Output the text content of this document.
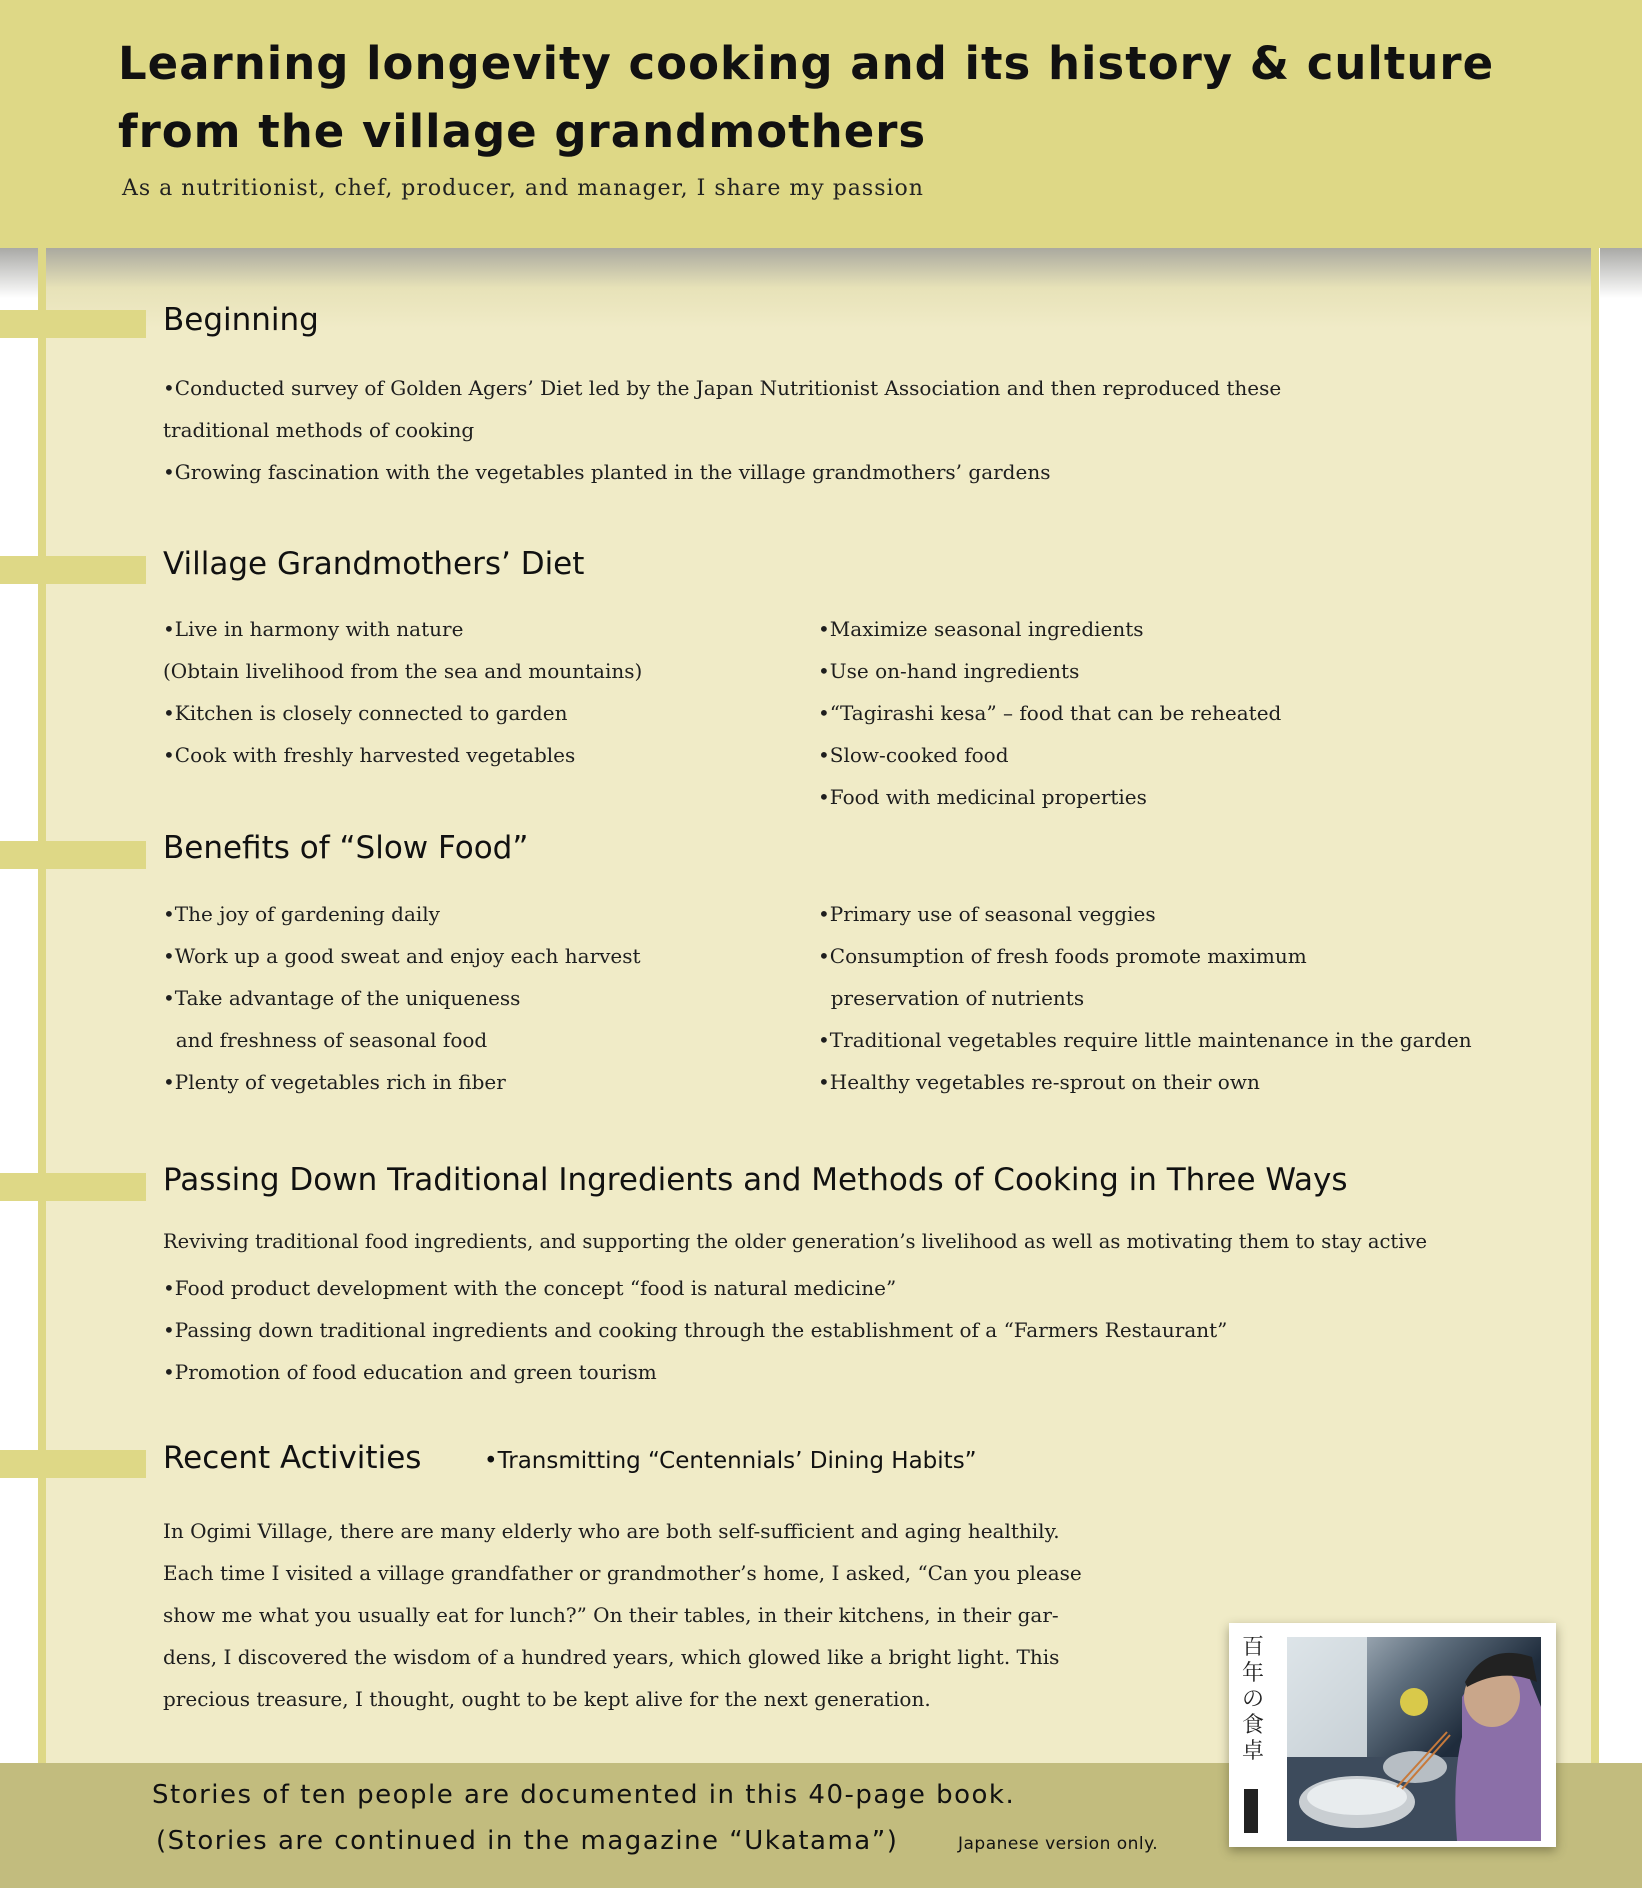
Learning longevity cooking and its history & culture
from the village grandmothers
As a nutritionist, chef, producer, and manager, I share my passion
Beginning

•Conducted survey of Golden Agers’ Diet led by the Japan Nutritionist Association and then reproduced these

traditional methods of cooking

•Growing fascination with the vegetables planted in the village grandmothers’ gardens

Village Grandmothers’ Diet
•Live in harmony with nature
(Obtain livelihood from the sea and mountains)
•Kitchen is closely connected to garden
•Cook with freshly harvested vegetables
•Maximize seasonal ingredients
•Use on-hand ingredients
•“Tagirashi kesa” – food that can be reheated
•Slow-cooked food
•Food with medicinal properties
Benefits of “Slow Food”
•The joy of gardening daily
•Work up a good sweat and enjoy each harvest
•Take advantage of the uniqueness
and freshness of seasonal food
•Plenty of vegetables rich in fiber
•Primary use of seasonal veggies
•Consumption of fresh foods promote maximum
preservation of nutrients
•Traditional vegetables require little maintenance in the garden
•Healthy vegetables re-sprout on their own
Passing Down Traditional Ingredients and Methods of Cooking in Three Ways

Reviving traditional food ingredients, and supporting the older generation’s livelihood as well as motivating them to stay active

•Food product development with the concept “food is natural medicine”

•Passing down traditional ingredients and cooking through the establishment of a “Farmers Restaurant”

•Promotion of food education and green tourism

Recent Activities	•Transmitting “Centennials’ Dining Habits”

In Ogimi Village, there are many elderly who are both self-sufficient and aging healthily.
Each time I visited a village grandfather or grandmother’s home, I asked, “Can you please
show me what you usually eat for lunch?” On their tables, in their kitchens, in their gar-
dens, I discovered the wisdom of a hundred years, which glowed like a bright light. This
precious treasure, I thought, ought to be kept alive for the next generation.

Stories of ten people are documented in this 40-page book.
(Stories are continued in the magazine “Ukatama”)	Japanese version only.
百
年
の
食
卓
